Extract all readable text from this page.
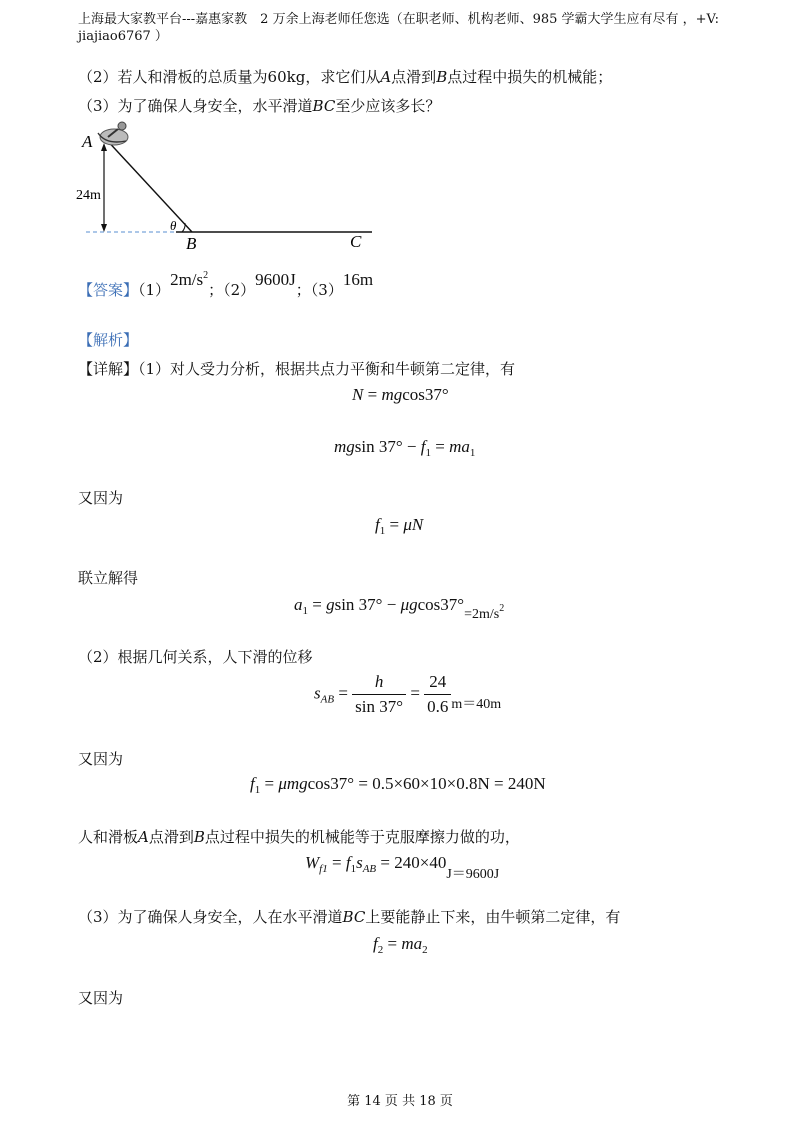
上海最大家教平台---嘉惠家教　2 万余上海老师任您选（在职老师、机构老师、985 学霸大学生应有尽有 ，+V:
jiajiao6767 ）
（2）若人和滑板的总质量为60kg，求它们从A点滑到B点过程中损失的机械能；
（3）为了确保人身安全，水平滑道BC至少应该多长？
A
24m
θ
B	C
【答案】$(1)2m/s^2$；（2）9600J；（3）16m
【解析】
【详解】（1）对人受力分析，根据共点力平衡和牛顿第二定律，有
N = mgcos37°
mgsin $37^\circ - f_1 = ma_1$
又因为
$f_1 = \mu N$
联立解得
$a_1 = gsin$ $37^\circ - \mu gcos37^\circ_{=2m/s}^2$
（2）根据几何关系，人下滑的位移
$s_{AB} = \frac{h}{\sin 37^\circ} = \frac{24}{0.6} _{m=40m}$
又因为
$f_1 = \mu mgcos37^\circ = 0.5\times 60\times 10\times 0.8N = 240N$
人和滑板A点滑到B点过程中损失的机械能等于克服摩擦力做的功，
$W_{f1} = f_1s_{AB} = 240\times 40_{J=9600J}$
（3）为了确保人身安全，人在水平滑道BC上要能静止下来，由牛顿第二定律，有
$f_2 = ma_2$
又因为
第 14 页 共 18 页
